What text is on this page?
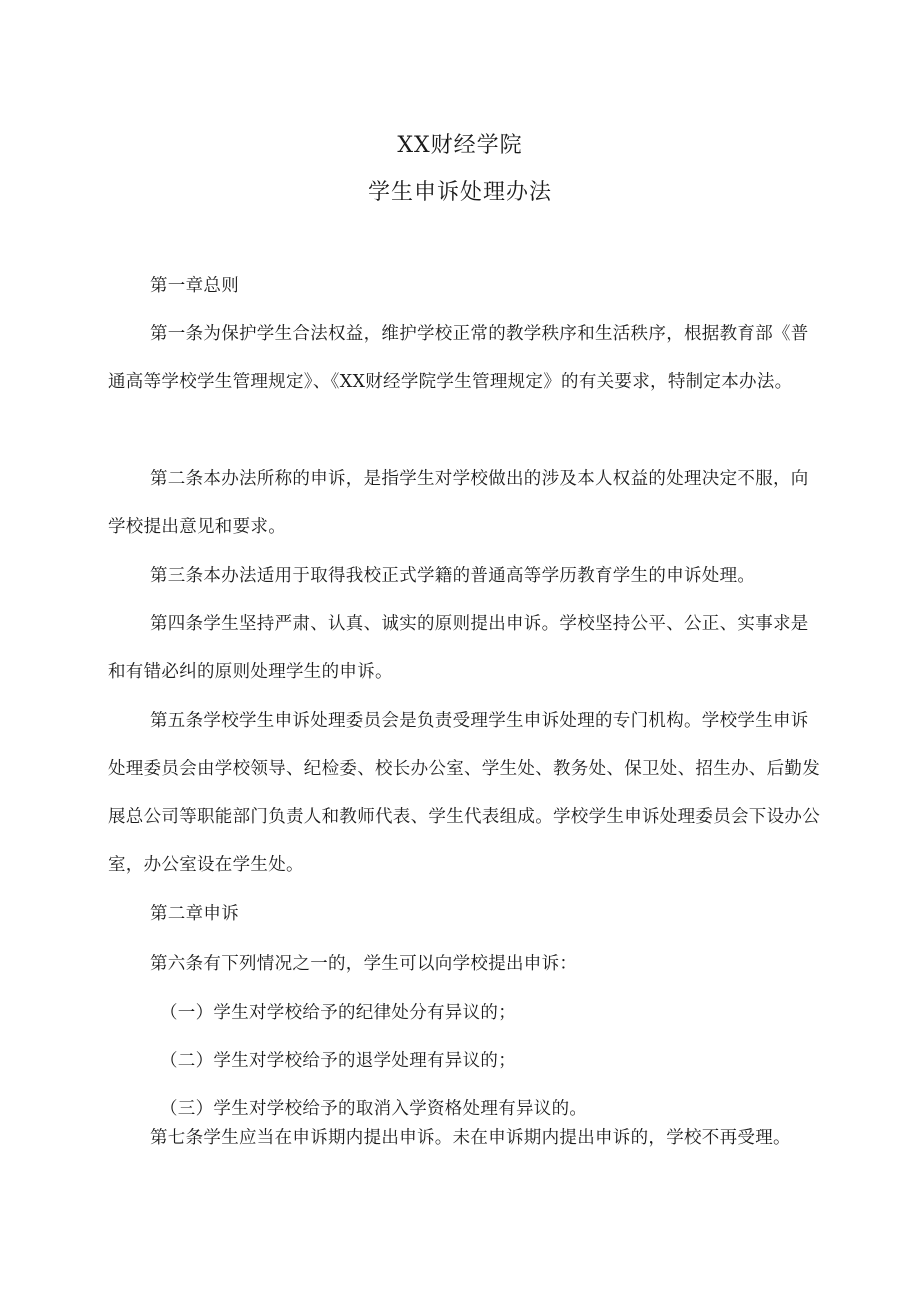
XX财经学院
学生申诉处理办法

第一章总则

第一条为保护学生合法权益，维护学校正常的教学秩序和生活秩序，根据教育部《普通高等学校学生管理规定》、《XX财经学院学生管理规定》的有关要求，特制定本办法。

第二条本办法所称的申诉，是指学生对学校做出的涉及本人权益的处理决定不服，向学校提出意见和要求。

第三条本办法适用于取得我校正式学籍的普通高等学历教育学生的申诉处理。

第四条学生坚持严肃、认真、诚实的原则提出申诉。学校坚持公平、公正、实事求是和有错必纠的原则处理学生的申诉。

第五条学校学生申诉处理委员会是负责受理学生申诉处理的专门机构。学校学生申诉处理委员会由学校领导、纪检委、校长办公室、学生处、教务处、保卫处、招生办、后勤发展总公司等职能部门负责人和教师代表、学生代表组成。学校学生申诉处理委员会下设办公室，办公室设在学生处。

第二章申诉

第六条有下列情况之一的，学生可以向学校提出申诉：

（一）学生对学校给予的纪律处分有异议的；
（二）学生对学校给予的退学处理有异议的；
（三）学生对学校给予的取消入学资格处理有异议的。

第七条学生应当在申诉期内提出申诉。未在申诉期内提出申诉的，学校不再受理。
